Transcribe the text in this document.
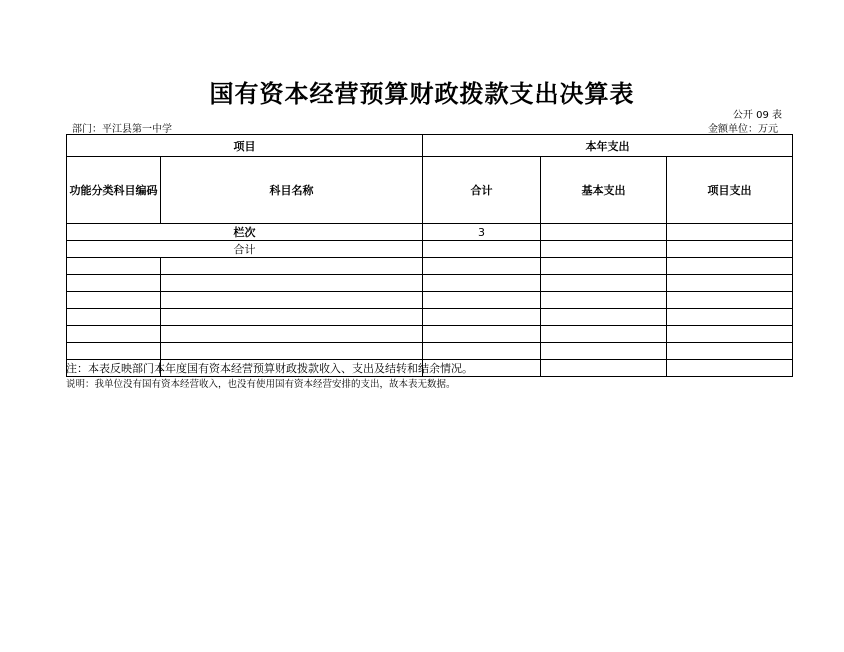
国有资本经营预算财政拨款支出决算表
公开 09 表
部门：平江县第一中学	金额单位：万元
项目		本年支出		
功能分类科目编码	科目名称	合计	基本支出	项目支出
栏次		3		
合计				

注：本表反映部门本年度国有资本经营预算财政拨款收入、支出及结转和结余情况。
说明：我单位没有国有资本经营收入，也没有使用国有资本经营安排的支出，故本表无数据。
